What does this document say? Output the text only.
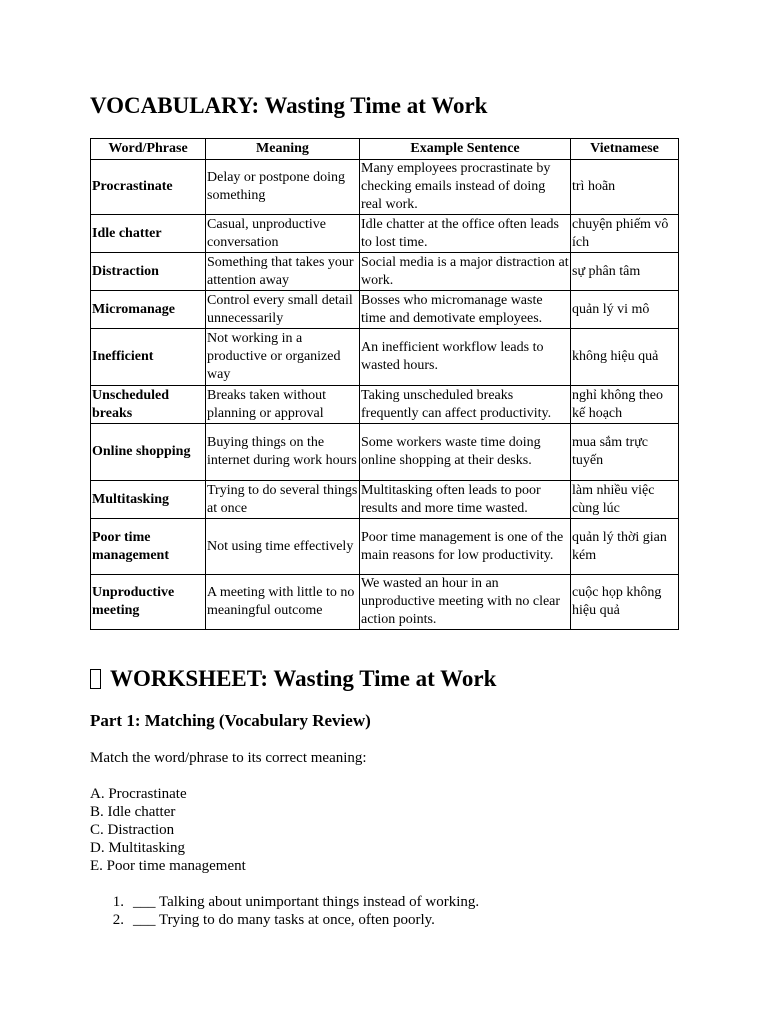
VOCABULARY: Wasting Time at Work
Word/Phrase	Meaning	Example Sentence	Vietnamese
Procrastinate	Delay or postpone doing something	Many employees procrastinate by checking emails instead of doing real work.	trì hoãn
Idle chatter	Casual, unproductive conversation	Idle chatter at the office often leads to lost time.	chuyện phiếm vô ích
Distraction	Something that takes your attention away	Social media is a major distraction at work.	sự phân tâm
Micromanage	Control every small detail unnecessarily	Bosses who micromanage waste time and demotivate employees.	quản lý vi mô
Inefficient	Not working in a productive or organized way	An inefficient workflow leads to wasted hours.	không hiệu quả
Unscheduled breaks	Breaks taken without planning or approval	Taking unscheduled breaks frequently can affect productivity.	nghỉ không theo kế hoạch
Online shopping	Buying things on the internet during work hours	Some workers waste time doing online shopping at their desks.	mua sắm trực tuyến
Multitasking	Trying to do several things at once	Multitasking often leads to poor results and more time wasted.	làm nhiều việc cùng lúc
Poor time management	Not using time effectively	Poor time management is one of the main reasons for low productivity.	quản lý thời gian kém
Unproductive meeting	A meeting with little to no meaningful outcome	We wasted an hour in an unproductive meeting with no clear action points.	cuộc họp không hiệu quả
WORKSHEET: Wasting Time at Work
Part 1: Matching (Vocabulary Review)

Match the word/phrase to its correct meaning:

A. Procrastinate
B. Idle chatter
C. Distraction
D. Multitasking
E. Poor time management
1. ___ Talking about unimportant things instead of working.
2. ___ Trying to do many tasks at once, often poorly.
